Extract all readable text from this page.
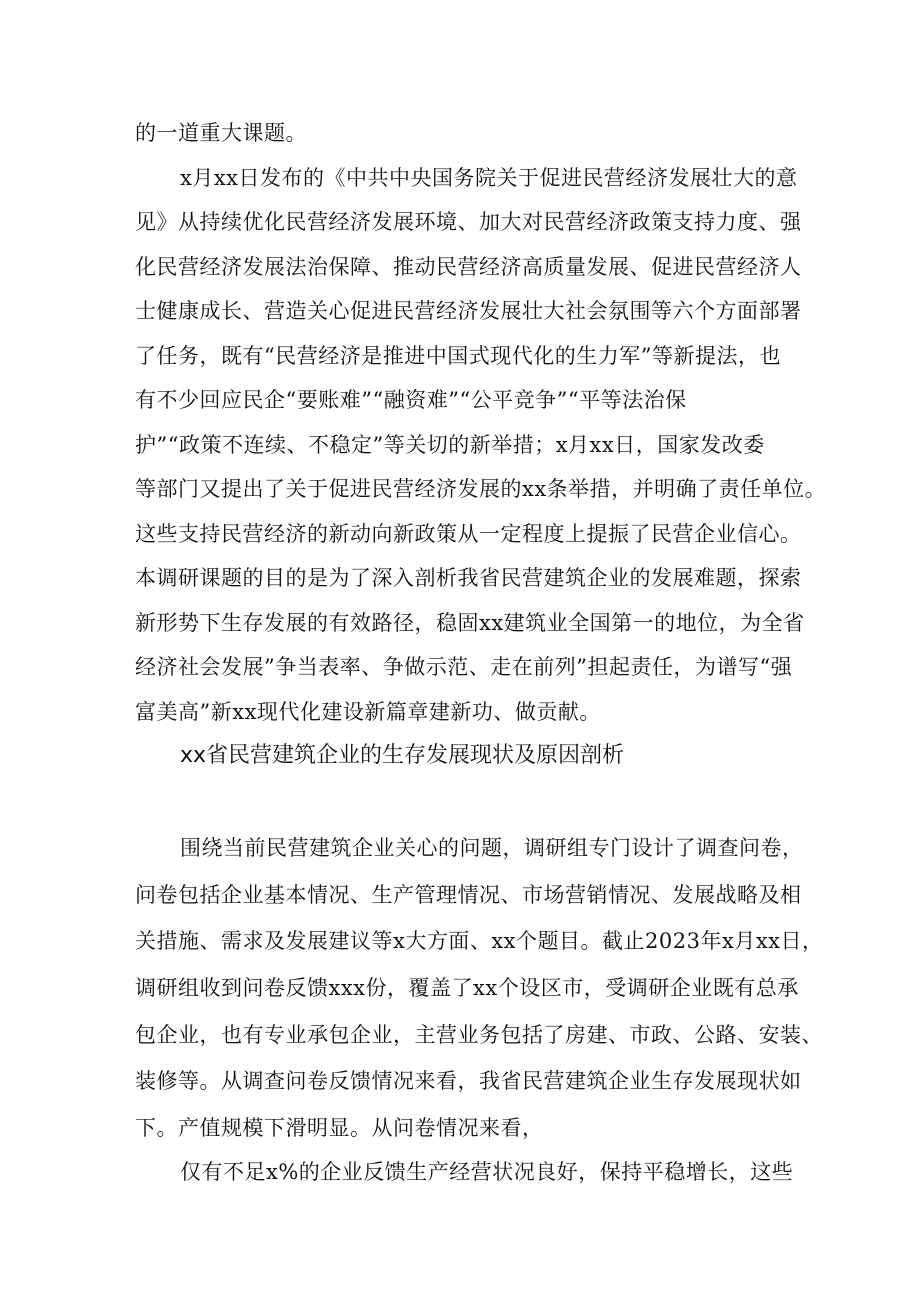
的一道重大课题。
x月xx日发布的《中共中央国务院关于促进民营经济发展壮大的意
见》从持续优化民营经济发展环境、加大对民营经济政策支持力度、强
化民营经济发展法治保障、推动民营经济高质量发展、促进民营经济人
士健康成长、营造关心促进民营经济发展壮大社会氛围等六个方面部署
了任务，既有“民营经济是推进中国式现代化的生力军”等新提法，也
有不少回应民企“要账难”“融资难”“公平竞争”“平等法治保
护”“政策不连续、不稳定”等关切的新举措；x月xx日，国家发改委
等部门又提出了关于促进民营经济发展的xx条举措，并明确了责任单位。
这些支持民营经济的新动向新政策从一定程度上提振了民营企业信心。
本调研课题的目的是为了深入剖析我省民营建筑企业的发展难题，探索
新形势下生存发展的有效路径，稳固xx建筑业全国第一的地位，为全省
经济社会发展”争当表率、争做示范、走在前列”担起责任，为谱写“强
xx省民营建筑企业的生存发展现状及原因剖析
围绕当前民营建筑企业关心的问题，调研组专门设计了调查问卷，
问卷包括企业基本情况、生产管理情况、市场营销情况、发展战略及相
关措施、需求及发展建议等x大方面、xx个题目。截止2023年x月xx日，
调研组收到问卷反馈xxx份，覆盖了xx个设区市，受调研企业既有总承
包企业，也有专业承包企业，主营业务包括了房建、市政、公路、安装、
装修等。从调查问卷反馈情况来看，我省民营建筑企业生存发展现状如
下。产值规模下滑明显。从问卷情况来看，
仅有不足x%的企业反馈生产经营状况良好，保持平稳增长，这些
富美高”新xx现代化建设新篇章建新功、做贡献。
